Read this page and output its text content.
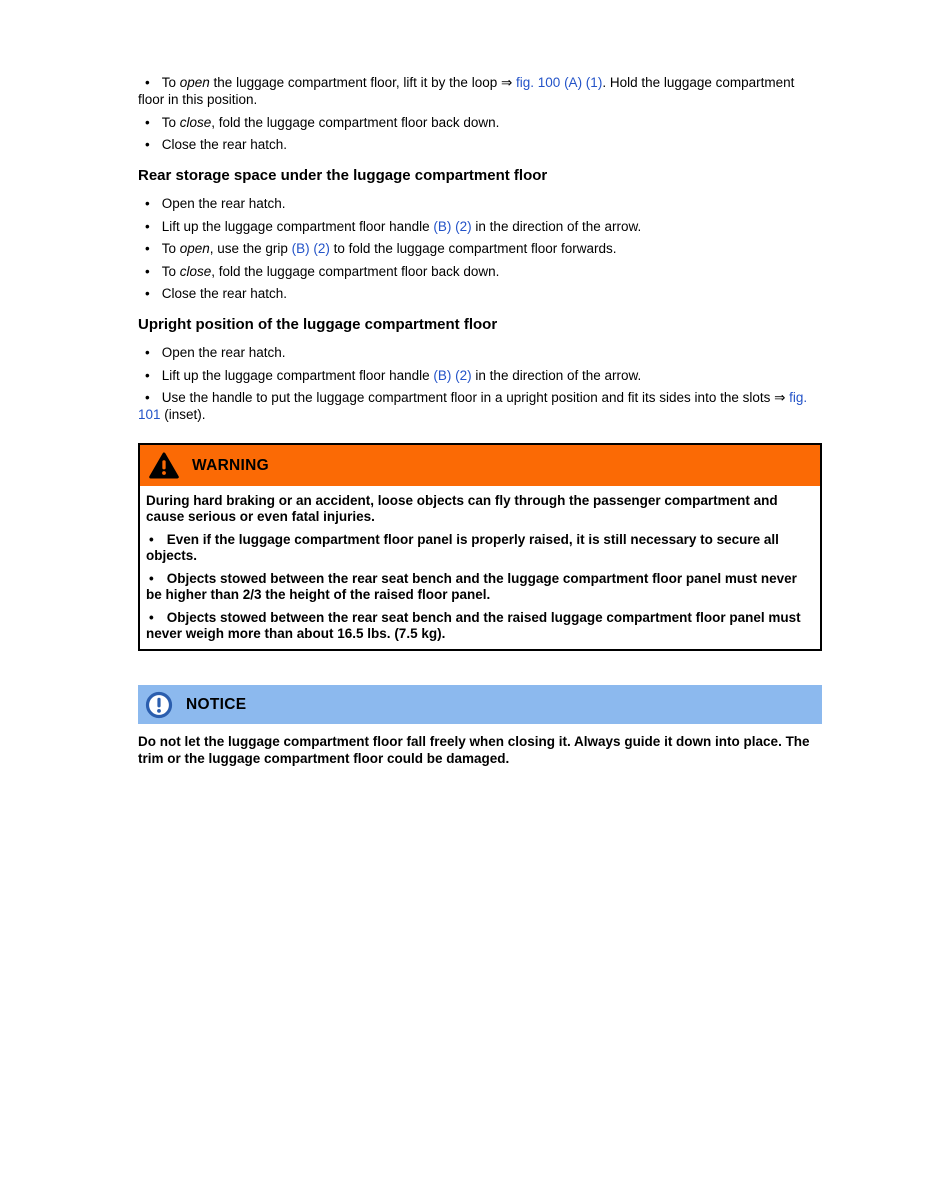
• To open the luggage compartment floor, lift it by the loop ⇒ fig. 100 (A) (1). Hold the luggage compartment floor in this position.

• To close, fold the luggage compartment floor back down.

• Close the rear hatch.

Rear storage space under the luggage compartment floor

• Open the rear hatch.

• Lift up the luggage compartment floor handle (B) (2) in the direction of the arrow.

• To open, use the grip (B) (2) to fold the luggage compartment floor forwards.

• To close, fold the luggage compartment floor back down.

• Close the rear hatch.

Upright position of the luggage compartment floor

• Open the rear hatch.

• Lift up the luggage compartment floor handle (B) (2) in the direction of the arrow.

• Use the handle to put the luggage compartment floor in a upright position and fit its sides into the slots ⇒ fig. 101 (inset).

WARNING

During hard braking or an accident, loose objects can fly through the passenger compartment and cause serious or even fatal injuries.

• Even if the luggage compartment floor panel is properly raised, it is still necessary to secure all objects.

• Objects stowed between the rear seat bench and the luggage compartment floor panel must never be higher than 2/3 the height of the raised floor panel.

• Objects stowed between the rear seat bench and the raised luggage compartment floor panel must never weigh more than about 16.5 lbs. (7.5 kg).

NOTICE

Do not let the luggage compartment floor fall freely when closing it. Always guide it down into place. The trim or the luggage compartment floor could be damaged.
